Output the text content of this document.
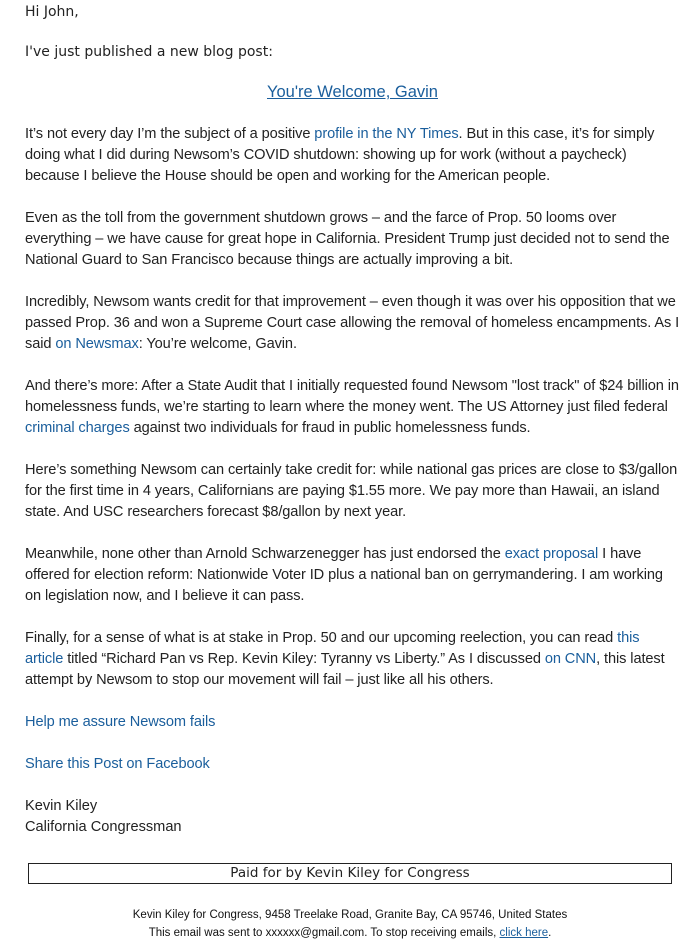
Hi John,

I've just published a new blog post:

You're Welcome, Gavin

It’s not every day I’m the subject of a positive profile in the NY Times. But in this case, it’s for simply doing what I did during Newsom’s COVID shutdown: showing up for work (without a paycheck) because I believe the House should be open and working for the American people.

Even as the toll from the government shutdown grows – and the farce of Prop. 50 looms over everything – we have cause for great hope in California. President Trump just decided not to send the National Guard to San Francisco because things are actually improving a bit.

Incredibly, Newsom wants credit for that improvement – even though it was over his opposition that we passed Prop. 36 and won a Supreme Court case allowing the removal of homeless encampments. As I said on Newsmax: You’re welcome, Gavin.

And there’s more: After a State Audit that I initially requested found Newsom "lost track" of $24 billion in homelessness funds, we’re starting to learn where the money went. The US Attorney just filed federal criminal charges against two individuals for fraud in public homelessness funds.

Here’s something Newsom can certainly take credit for: while national gas prices are close to $3/gallon for the first time in 4 years, Californians are paying $1.55 more. We pay more than Hawaii, an island state. And USC researchers forecast $8/gallon by next year.

Meanwhile, none other than Arnold Schwarzenegger has just endorsed the exact proposal I have offered for election reform: Nationwide Voter ID plus a national ban on gerrymandering. I am working on legislation now, and I believe it can pass.

Finally, for a sense of what is at stake in Prop. 50 and our upcoming reelection, you can read this article titled “Richard Pan vs Rep. Kevin Kiley: Tyranny vs Liberty.” As I discussed on CNN, this latest attempt by Newsom to stop our movement will fail – just like all his others.

Help me assure Newsom fails

Share this Post on Facebook

Kevin Kiley
California Congressman
Paid for by Kevin Kiley for Congress
Kevin Kiley for Congress, 9458 Treelake Road, Granite Bay, CA 95746, United States
This email was sent to xxxxxx@gmail.com. To stop receiving emails, click here.
